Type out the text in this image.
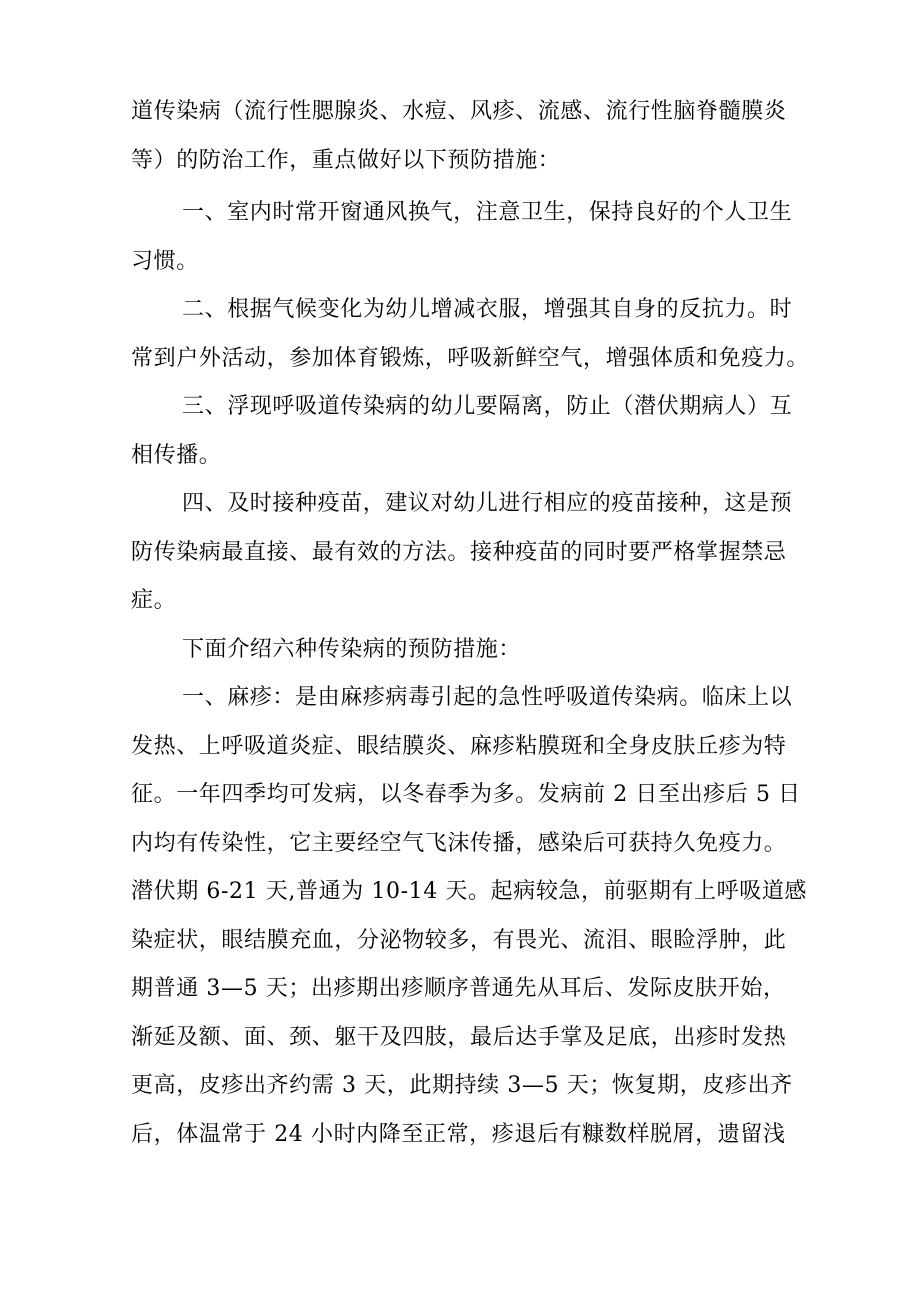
道传染病（流行性腮腺炎、水痘、风疹、流感、流行性脑脊髓膜炎
等）的防治工作，重点做好以下预防措施：
一、室内时常开窗通风换气，注意卫生，保持良好的个人卫生
习惯。
二、根据气候变化为幼儿增减衣服，增强其自身的反抗力。时
常到户外活动，参加体育锻炼，呼吸新鲜空气，增强体质和免疫力。
三、浮现呼吸道传染病的幼儿要隔离，防止（潜伏期病人）互
相传播。
四、及时接种疫苗，建议对幼儿进行相应的疫苗接种，这是预
防传染病最直接、最有效的方法。接种疫苗的同时要严格掌握禁忌
症。
下面介绍六种传染病的预防措施：
一、麻疹：是由麻疹病毒引起的急性呼吸道传染病。临床上以
发热、上呼吸道炎症、眼结膜炎、麻疹粘膜斑和全身皮肤丘疹为特
征。一年四季均可发病，以冬春季为多。发病前 2 日至出疹后 5 日
内均有传染性，它主要经空气飞沫传播，感染后可获持久免疫力。
潜伏期 6-21 天,普通为 10-14 天。起病较急，前驱期有上呼吸道感
染症状，眼结膜充血，分泌物较多，有畏光、流泪、眼睑浮肿，此
期普通 3—5 天；出疹期出疹顺序普通先从耳后、发际皮肤开始，
渐延及额、面、颈、躯干及四肢，最后达手掌及足底，出疹时发热
更高，皮疹出齐约需 3 天，此期持续 3—5 天；恢复期，皮疹出齐
后，体温常于 24 小时内降至正常，疹退后有糠数样脱屑，遗留浅
